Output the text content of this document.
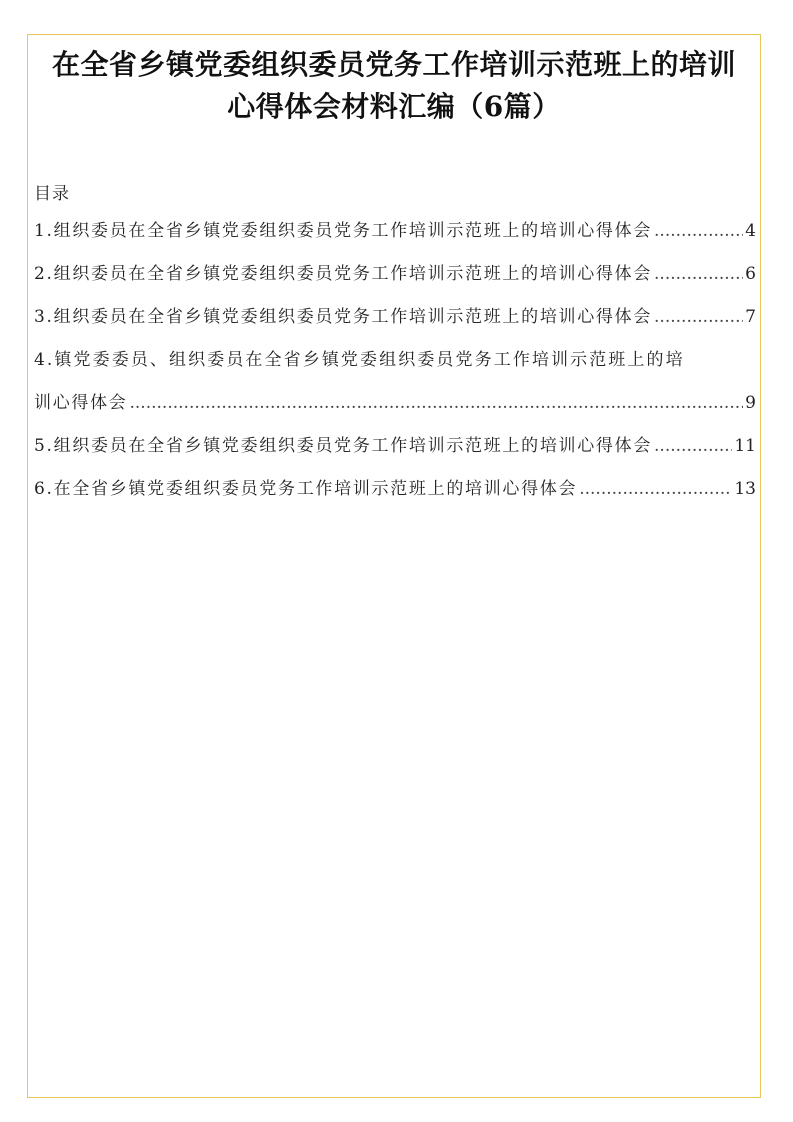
在全省乡镇党委组织委员党务工作培训示范班上的培训
心得体会材料汇编（6篇）
目录
1.组织委员在全省乡镇党委组织委员党务工作培训示范班上的培训心得体会 .....	4
2.组织委员在全省乡镇党委组织委员党务工作培训示范班上的培训心得体会 .....	6
3.组织委员在全省乡镇党委组织委员党务工作培训示范班上的培训心得体会 .....	7
4.镇党委委员、组织委员在全省乡镇党委组织委员党务工作培训示范班上的培
训心得体会 .....	9
5.组织委员在全省乡镇党委组织委员党务工作培训示范班上的培训心得体会 .....	11
6.在全省乡镇党委组织委员党务工作培训示范班上的培训心得体会 .....	13
